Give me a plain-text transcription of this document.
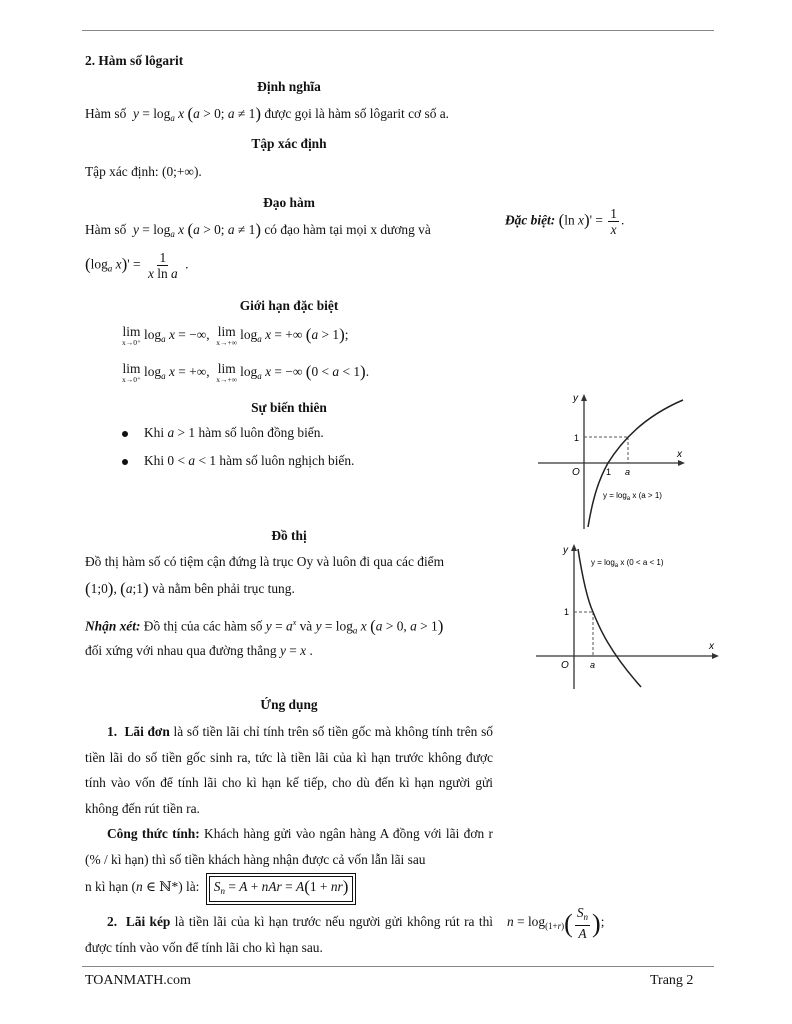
2. Hàm số lôgarit
Định nghĩa
Hàm số $y = \log_a x$ (a > 0; a ≠ 1) được gọi là hàm số lôgarit cơ số a.
Tập xác định
Tập xác định: (0;+∞).
Đạo hàm
Hàm số $y = \log_a x$ (a > 0; a ≠ 1) có đạo hàm tại mọi x dương và
($\log_a$ $x)' = \frac{1}{\text{x ln a}}$ .
Đặc biệt: (ln $x)' = \frac{1}{x}$ .
Giới hạn đặc biệt
lim
x→0⁺
$\log_a x$ = −∞, lim
x→+∞
$\log_a x$ = +∞ (a > 1);
lim
x→0⁺
$\log_a x$ = +∞, lim
x→+∞
$\log_a x$ = −∞ (0 < a < 1).
Sự biến thiên
Khi a > 1 hàm số luôn đồng biến.
Khi 0 < a < 1 hàm số luôn nghịch biến.
Đồ thị
Đồ thị hàm số có tiệm cận đứng là trục Oy và luôn đi qua các điểm
(1;0), (a;1) và nằm bên phải trục tung.
Nhận xét: Đồ thị của các hàm số $y = a^x$ và $y = \log_a x$ (a > 0, a > 1)
đối xứng với nhau qua đường thẳng y = x .
Ứng dụng
1.  Lãi đơn là số tiền lãi chỉ tính trên số tiền gốc mà không tính trên số tiền lãi do số tiền gốc sinh ra, tức là tiền lãi của kì hạn trước không được tính vào vốn để tính lãi cho kì hạn kế tiếp, cho dù đến kì hạn người gửi không đến rút tiền ra.
Công thức tính: Khách hàng gửi vào ngân hàng A đồng với lãi đơn r (% / kì hạn) thì số tiền khách hàng nhận được cả vốn lẫn lãi sau
n kì hạn (n ∈ ℕ*) là: $S_n = A$ + nAr = A(1 + nr)
2.  Lãi kép là tiền lãi của kì hạn trước nếu người gửi không rút ra thì được tính vào vốn để tính lãi cho kì hạn sau.
$n = \log_{(1+r)}( \frac{S_n}{A}$ );
y
x
O
1
1 a
$y = \log_a x$ (a > 1)
y
x
O
1
a
$y = \log_a x$ (0 < a < 1)
TOANMATH.com	Trang 2
